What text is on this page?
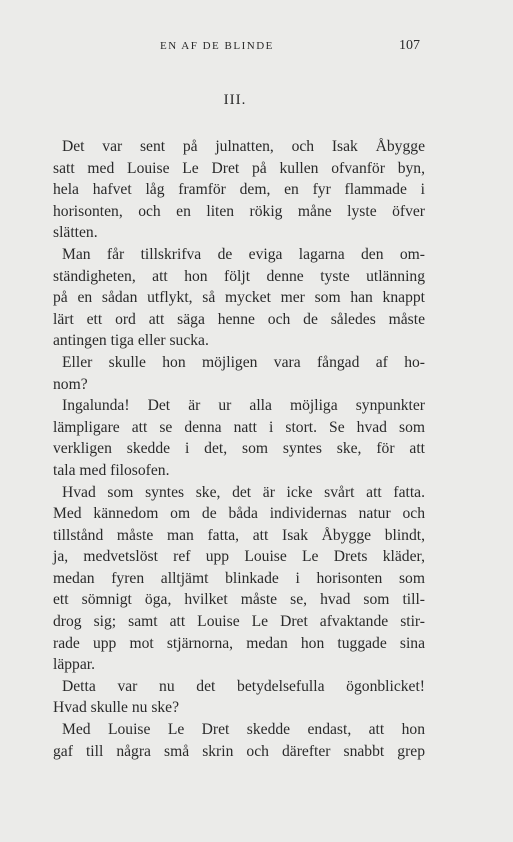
EN AF DE BLINDE	107
III.
Det var sent på julnatten, och Isak Åbygge
satt med Louise Le Dret på kullen ofvanför byn,
hela hafvet låg framför dem, en fyr flammade i
horisonten, och en liten rökig måne lyste öfver
slätten.
Man får tillskrifva de eviga lagarna den om-
ständigheten, att hon följt denne tyste utlänning
på en sådan utflykt, så mycket mer som han knappt
lärt ett ord att säga henne och de således måste
antingen tiga eller sucka.
Eller skulle hon möjligen vara fångad af ho-
nom?
Ingalunda! Det är ur alla möjliga synpunkter
lämpligare att se denna natt i stort. Se hvad som
verkligen skedde i det, som syntes ske, för att
tala med filosofen.
Hvad som syntes ske, det är icke svårt att fatta.
Med kännedom om de båda individernas natur och
tillstånd måste man fatta, att Isak Åbygge blindt,
ja, medvetslöst ref upp Louise Le Drets kläder,
medan fyren alltjämt blinkade i horisonten som
ett sömnigt öga, hvilket måste se, hvad som till-
drog sig; samt att Louise Le Dret afvaktande stir-
rade upp mot stjärnorna, medan hon tuggade sina
läppar.
Detta var nu det betydelsefulla ögonblicket!
Hvad skulle nu ske?
Med Louise Le Dret skedde endast, att hon
gaf till några små skrin och därefter snabbt grep
